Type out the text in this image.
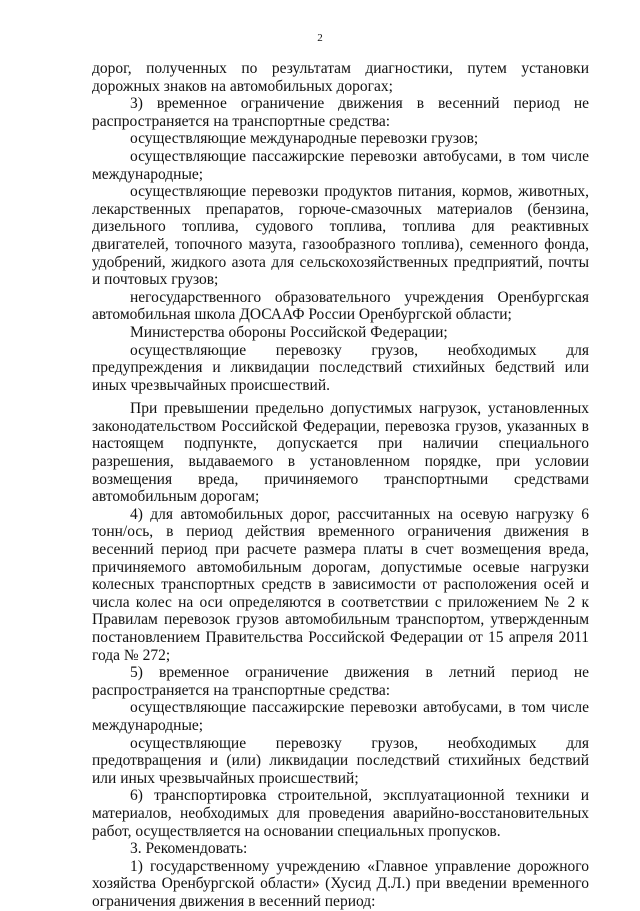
2

дорог, полученных по результатам диагностики, путем установки дорожных знаков на автомобильных дорогах;

3) временное ограничение движения в весенний период не распространяется на транспортные средства:

осуществляющие международные перевозки грузов;

осуществляющие пассажирские перевозки автобусами, в том числе международные;

осуществляющие перевозки продуктов питания, кормов, животных, лекарственных препаратов, горюче-смазочных материалов (бензина, дизельного топлива, судового топлива, топлива для реактивных двигателей, топочного мазута, газообразного топлива), семенного фонда, удобрений, жидкого азота для сельскохозяйственных предприятий, почты и почтовых грузов;

негосударственного образовательного учреждения Оренбургская автомобильная школа ДОСААФ России Оренбургской области;

Министерства обороны Российской Федерации;

осуществляющие перевозку грузов, необходимых для предупреждения и ликвидации последствий стихийных бедствий или иных чрезвычайных происшествий.

При превышении предельно допустимых нагрузок, установленных законодательством Российской Федерации, перевозка грузов, указанных в настоящем подпункте, допускается при наличии специального разрешения, выдаваемого в установленном порядке, при условии возмещения вреда, причиняемого транспортными средствами автомобильным дорогам;

4) для автомобильных дорог, рассчитанных на осевую нагрузку 6 тонн/ось, в период действия временного ограничения движения в весенний период при расчете размера платы в счет возмещения вреда, причиняемого автомобильным дорогам, допустимые осевые нагрузки колесных транспортных средств в зависимости от расположения осей и числа колес на оси определяются в соответствии с приложением № 2 к Правилам перевозок грузов автомобильным транспортом, утвержденным постановлением Правительства Российской Федерации от 15 апреля 2011 года № 272;

5) временное ограничение движения в летний период не распространяется на транспортные средства:

осуществляющие пассажирские перевозки автобусами, в том числе международные;

осуществляющие перевозку грузов, необходимых для предотвращения и (или) ликвидации последствий стихийных бедствий или иных чрезвычайных происшествий;

6) транспортировка строительной, эксплуатационной техники и материалов, необходимых для проведения аварийно-восстановительных работ, осуществляется на основании специальных пропусков.

3. Рекомендовать:

1) государственному учреждению «Главное управление дорожного хозяйства Оренбургской области» (Хусид Д.Л.) при введении временного ограничения движения в весенний период:
